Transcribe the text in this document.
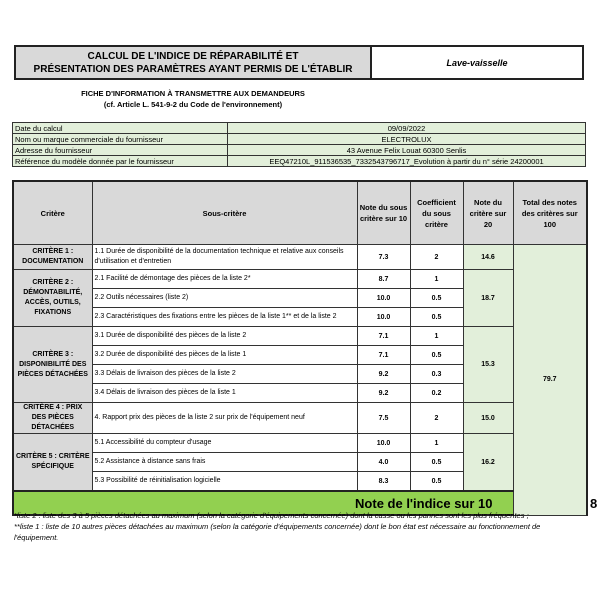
CALCUL DE L'INDICE DE RÉPARABILITÉ ET
PRÉSENTATION DES PARAMÈTRES AYANT PERMIS DE L'ÉTABLIR
Lave-vaisselle
FICHE D'INFORMATION À TRANSMETTRE AUX DEMANDEURS
(cf. Article L. 541-9-2 du Code de l'environnement)
Date du calcul	09/09/2022
Nom ou marque commerciale du fournisseur	ELECTROLUX
Adresse du fournisseur	43 Avenue Felix Louat 60300 Senlis
Référence du modèle donnée par le fournisseur	EEQ47210L_911536535_7332543796717_Evolution à partir du n° série 24200001
Critère	Sous-critère	Note du sous critère sur 10	Coefficient du sous critère	Note du critère sur 20	Total des notes des critères sur 100	
CRITÈRE 1 : DOCUMENTATION	1.1 Durée de disponibilité de la documentation technique et relative aux conseils d'utilisation et d'entretien	7.3	2	14.6	79.7	
CRITÈRE 2 : DÉMONTABILITÉ, ACCÈS, OUTILS, FIXATIONS	2.1 Facilité de démontage des pièces de la liste 2*	8.7	1	18.7		
	2.2 Outils nécessaires (liste 2)	10.0	0.5			
	2.3 Caractéristiques des fixations entre les pièces de la liste 1** et de la liste 2	10.0	0.5			
CRITÈRE 3 : DISPONIBILITÉ DES PIÈCES DÉTACHÉES	3.1 Durée de disponibilité des pièces de la liste 2	7.1	1	15.3		
	3.2 Durée de disponibilité des pièces de la liste 1	7.1	0.5			
	3.3 Délais de livraison des pièces de la liste 2	9.2	0.3			
	3.4 Délais de livraison des pièces de la liste 1	9.2	0.2			
CRITÈRE 4 : PRIX DES PIÈCES DÉTACHÉES	4. Rapport prix des pièces de la liste 2 sur prix de l'équipement neuf	7.5	2	15.0		
CRITÈRE 5 : CRITÈRE SPÉCIFIQUE	5.1 Accessibilité du compteur d'usage	10.0	1	16.2		
	5.2 Assistance à distance sans frais	4.0	0.5			
	5.3 Possibilité de réinitialisation logicielle	8.3	0.5			
Note de l'indice sur 10						8
*liste 2 : liste des 3 à 5 pièces détachées au maximum (selon la catégorie d'équipements concernée) dont la casse ou les pannes sont les plus fréquentes ;
**liste 1 : liste de 10 autres pièces détachées au maximum (selon la catégorie d'équipements concernée) dont le bon état est nécessaire au fonctionnement de l'équipement.
